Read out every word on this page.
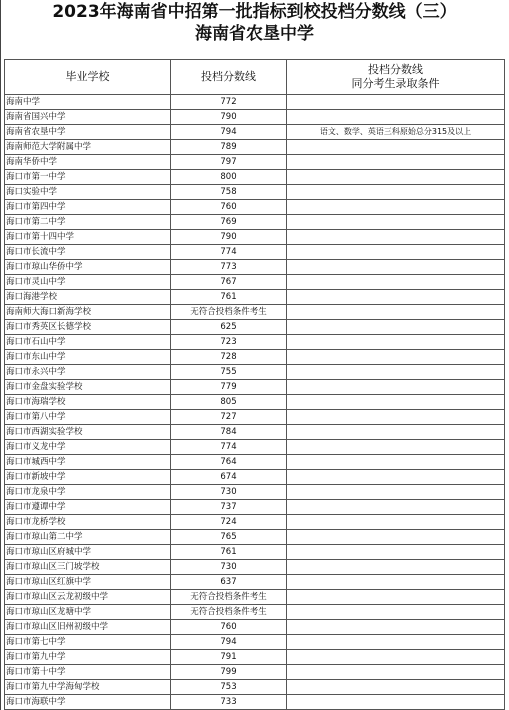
2023年海南省中招第一批指标到校投档分数线（三）
海南省农垦中学
毕业学校	投档分数线	投档分数线
同分考生录取条件

海南中学	772	
海南省国兴中学	790	
海南省农垦中学	794	语文、数学、英语三科原始总分315及以上
海南师范大学附属中学	789	
海南华侨中学	797	
海口市第一中学	800	
海口实验中学	758	
海口市第四中学	760	
海口市第二中学	769	
海口市第十四中学	790	
海口市长流中学	774	
海口市琼山华侨中学	773	
海口市灵山中学	767	
海口海港学校	761	
海南师大海口新海学校	无符合投档条件考生	
海口市秀英区长德学校	625	
海口市石山中学	723	
海口市东山中学	728	
海口市永兴中学	755	
海口市金盘实验学校	779	
海口市海瑞学校	805	
海口市第八中学	727	
海口市西湖实验学校	784	
海口市义龙中学	774	
海口市城西中学	764	
海口市新坡中学	674	
海口市龙泉中学	730	
海口市遵谭中学	737	
海口市龙桥学校	724	
海口市琼山第二中学	765	
海口市琼山区府城中学	761	
海口市琼山区三门坡学校	730	
海口市琼山区红旗中学	637	
海口市琼山区云龙初级中学	无符合投档条件考生	
海口市琼山区龙塘中学	无符合投档条件考生	
海口市琼山区旧州初级中学	760	
海口市第七中学	794	
海口市第九中学	791	
海口市第十中学	799	
海口市第九中学海甸学校	753	
海口市海联中学	733	
